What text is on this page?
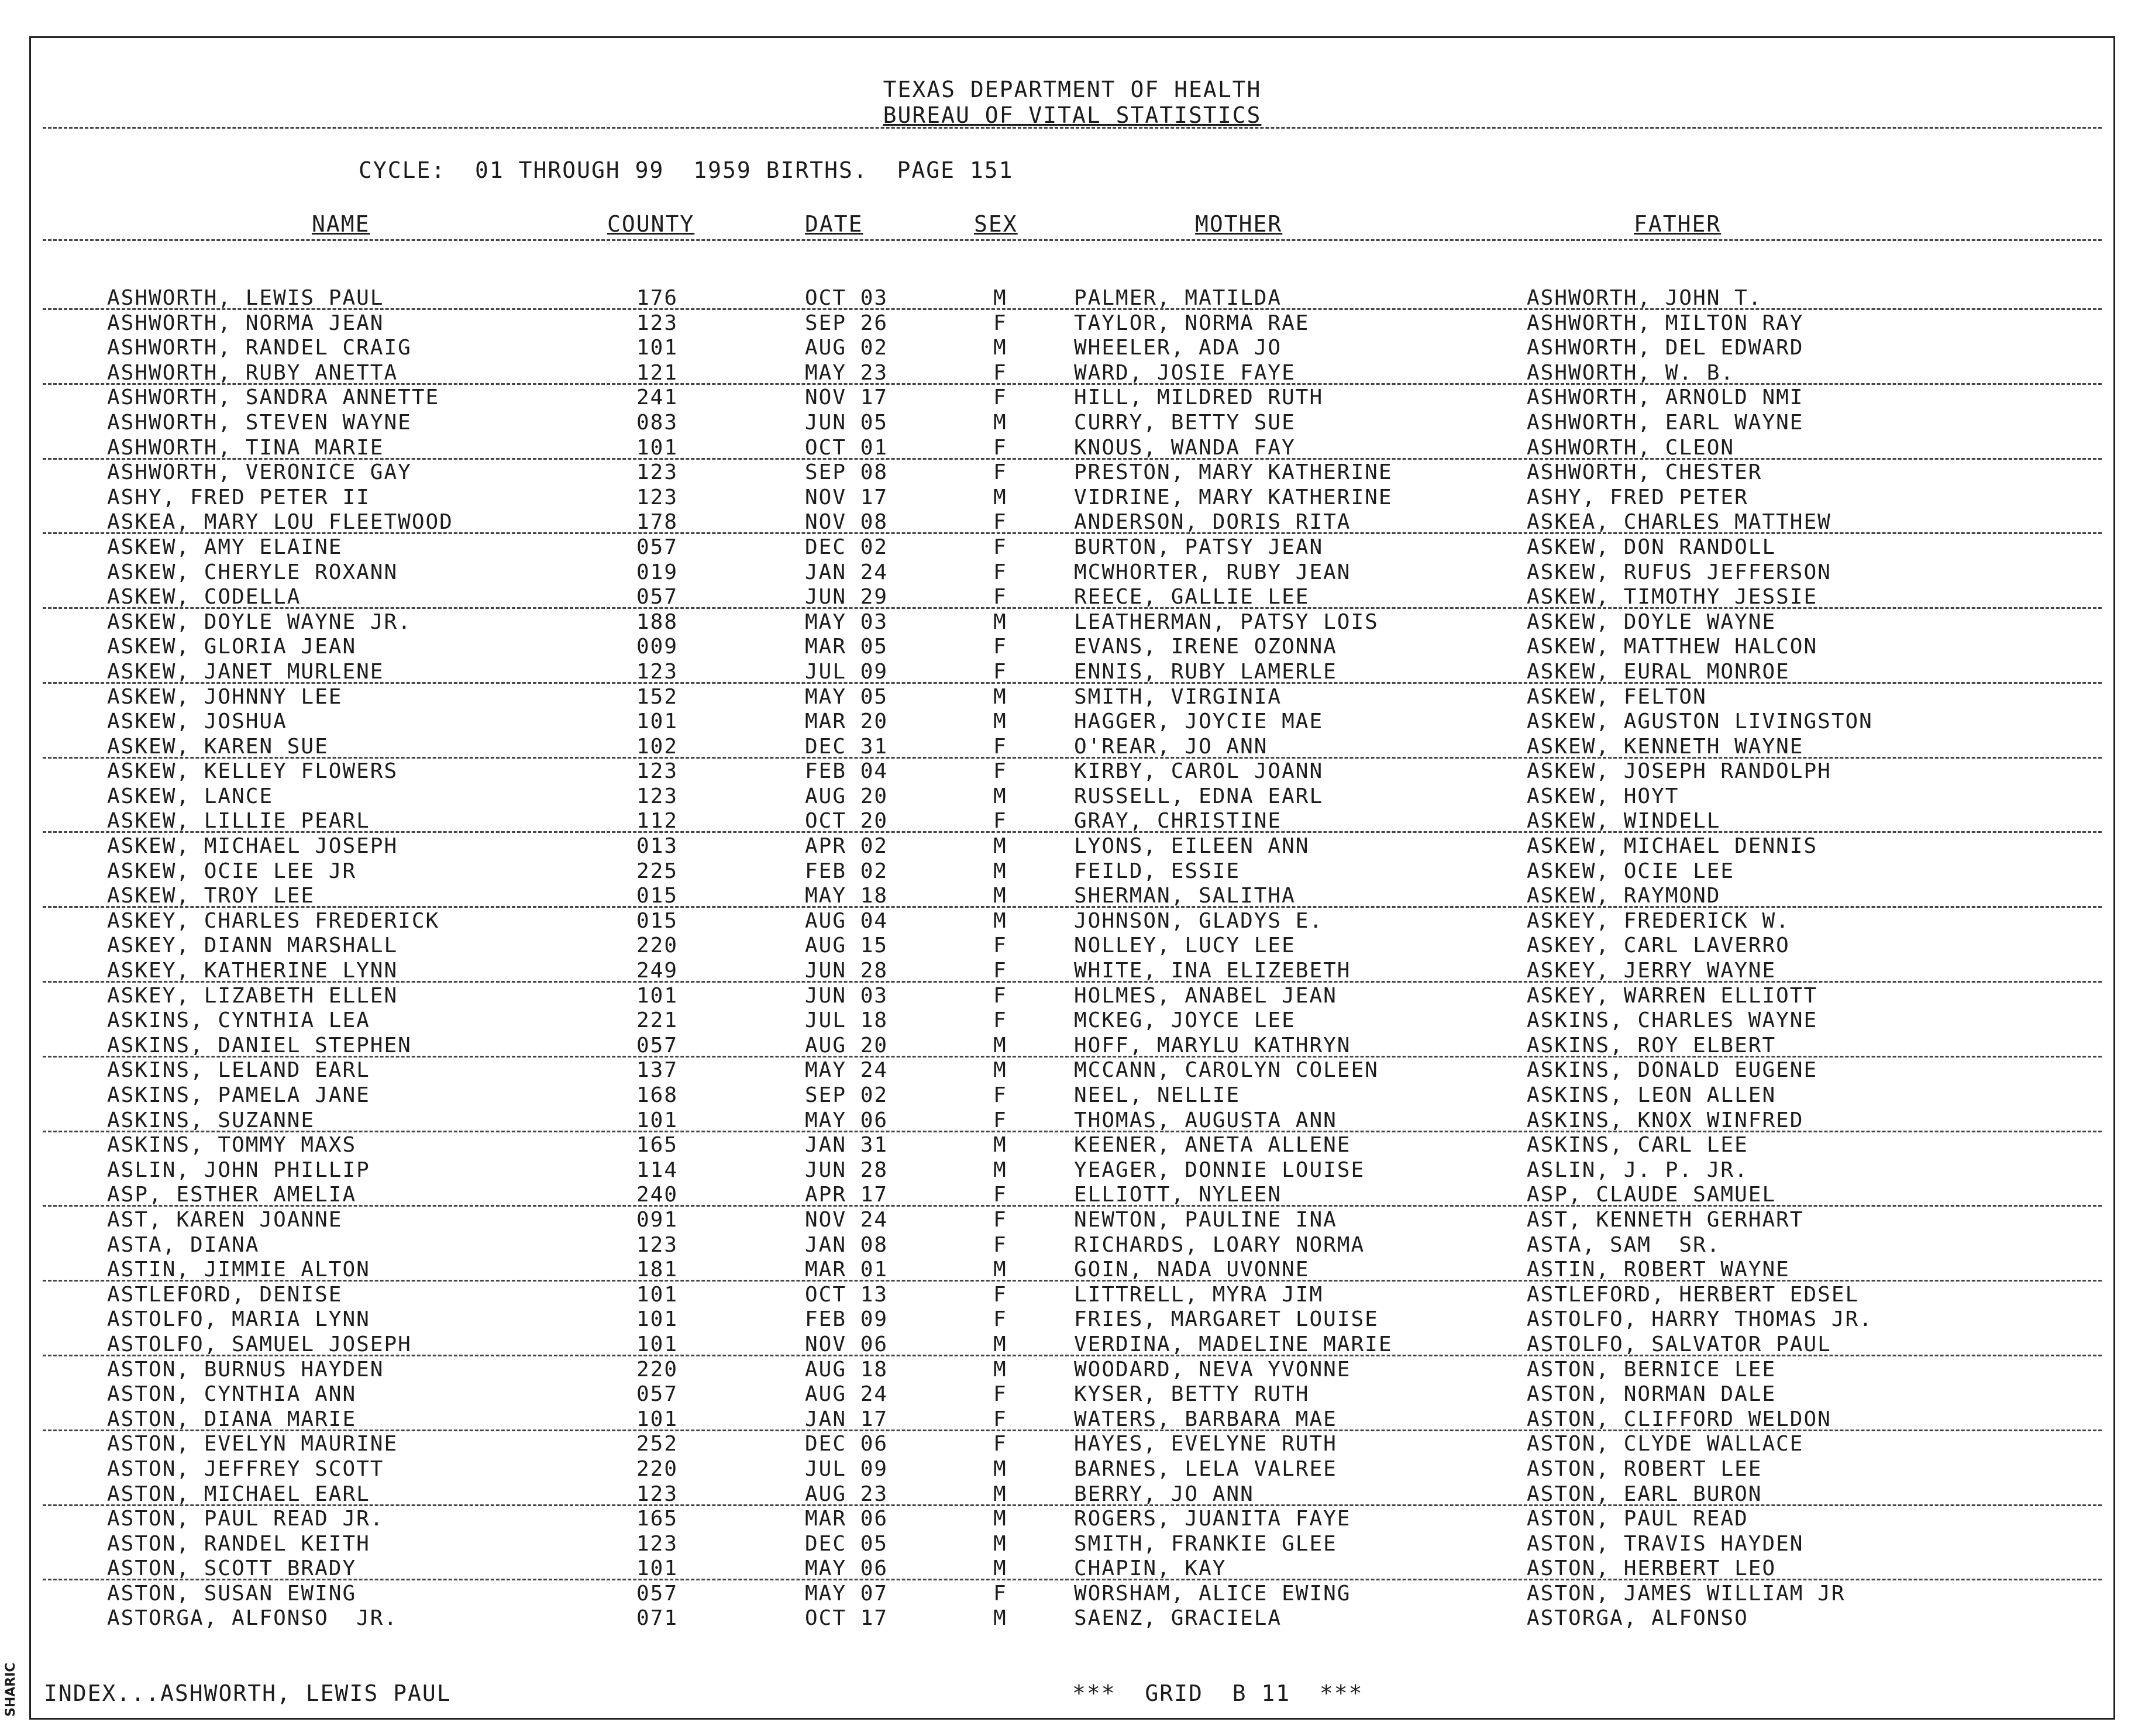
SHARIC
TEXAS DEPARTMENT OF HEALTH
BUREAU OF VITAL STATISTICS
CYCLE:  01 THROUGH 99  1959 BIRTHS.  PAGE 151
NAME	COUNTY	DATE	SEX	MOTHER	FATHER
ASHWORTH, LEWIS PAUL	176	OCT 03	M	PALMER, MATILDA	ASHWORTH, JOHN T.
ASHWORTH, NORMA JEAN	123	SEP 26	F	TAYLOR, NORMA RAE	ASHWORTH, MILTON RAY
ASHWORTH, RANDEL CRAIG	101	AUG 02	M	WHEELER, ADA JO	ASHWORTH, DEL EDWARD
ASHWORTH, RUBY ANETTA	121	MAY 23	F	WARD, JOSIE FAYE	ASHWORTH, W. B.
ASHWORTH, SANDRA ANNETTE	241	NOV 17	F	HILL, MILDRED RUTH	ASHWORTH, ARNOLD NMI
ASHWORTH, STEVEN WAYNE	083	JUN 05	M	CURRY, BETTY SUE	ASHWORTH, EARL WAYNE
ASHWORTH, TINA MARIE	101	OCT 01	F	KNOUS, WANDA FAY	ASHWORTH, CLEON
ASHWORTH, VERONICE GAY	123	SEP 08	F	PRESTON, MARY KATHERINE	ASHWORTH, CHESTER
ASHY, FRED PETER II	123	NOV 17	M	VIDRINE, MARY KATHERINE	ASHY, FRED PETER
ASKEA, MARY LOU FLEETWOOD	178	NOV 08	F	ANDERSON, DORIS RITA	ASKEA, CHARLES MATTHEW
ASKEW, AMY ELAINE	057	DEC 02	F	BURTON, PATSY JEAN	ASKEW, DON RANDOLL
ASKEW, CHERYLE ROXANN	019	JAN 24	F	MCWHORTER, RUBY JEAN	ASKEW, RUFUS JEFFERSON
ASKEW, CODELLA	057	JUN 29	F	REECE, GALLIE LEE	ASKEW, TIMOTHY JESSIE
ASKEW, DOYLE WAYNE JR.	188	MAY 03	M	LEATHERMAN, PATSY LOIS	ASKEW, DOYLE WAYNE
ASKEW, GLORIA JEAN	009	MAR 05	F	EVANS, IRENE OZONNA	ASKEW, MATTHEW HALCON
ASKEW, JANET MURLENE	123	JUL 09	F	ENNIS, RUBY LAMERLE	ASKEW, EURAL MONROE
ASKEW, JOHNNY LEE	152	MAY 05	M	SMITH, VIRGINIA	ASKEW, FELTON
ASKEW, JOSHUA	101	MAR 20	M	HAGGER, JOYCIE MAE	ASKEW, AGUSTON LIVINGSTON
ASKEW, KAREN SUE	102	DEC 31	F	O'REAR, JO ANN	ASKEW, KENNETH WAYNE
ASKEW, KELLEY FLOWERS	123	FEB 04	F	KIRBY, CAROL JOANN	ASKEW, JOSEPH RANDOLPH
ASKEW, LANCE	123	AUG 20	M	RUSSELL, EDNA EARL	ASKEW, HOYT
ASKEW, LILLIE PEARL	112	OCT 20	F	GRAY, CHRISTINE	ASKEW, WINDELL
ASKEW, MICHAEL JOSEPH	013	APR 02	M	LYONS, EILEEN ANN	ASKEW, MICHAEL DENNIS
ASKEW, OCIE LEE JR	225	FEB 02	M	FEILD, ESSIE	ASKEW, OCIE LEE
ASKEW, TROY LEE	015	MAY 18	M	SHERMAN, SALITHA	ASKEW, RAYMOND
ASKEY, CHARLES FREDERICK	015	AUG 04	M	JOHNSON, GLADYS E.	ASKEY, FREDERICK W.
ASKEY, DIANN MARSHALL	220	AUG 15	F	NOLLEY, LUCY LEE	ASKEY, CARL LAVERRO
ASKEY, KATHERINE LYNN	249	JUN 28	F	WHITE, INA ELIZEBETH	ASKEY, JERRY WAYNE
ASKEY, LIZABETH ELLEN	101	JUN 03	F	HOLMES, ANABEL JEAN	ASKEY, WARREN ELLIOTT
ASKINS, CYNTHIA LEA	221	JUL 18	F	MCKEG, JOYCE LEE	ASKINS, CHARLES WAYNE
ASKINS, DANIEL STEPHEN	057	AUG 20	M	HOFF, MARYLU KATHRYN	ASKINS, ROY ELBERT
ASKINS, LELAND EARL	137	MAY 24	M	MCCANN, CAROLYN COLEEN	ASKINS, DONALD EUGENE
ASKINS, PAMELA JANE	168	SEP 02	F	NEEL, NELLIE	ASKINS, LEON ALLEN
ASKINS, SUZANNE	101	MAY 06	F	THOMAS, AUGUSTA ANN	ASKINS, KNOX WINFRED
ASKINS, TOMMY MAXS	165	JAN 31	M	KEENER, ANETA ALLENE	ASKINS, CARL LEE
ASLIN, JOHN PHILLIP	114	JUN 28	M	YEAGER, DONNIE LOUISE	ASLIN, J. P. JR.
ASP, ESTHER AMELIA	240	APR 17	F	ELLIOTT, NYLEEN	ASP, CLAUDE SAMUEL
AST, KAREN JOANNE	091	NOV 24	F	NEWTON, PAULINE INA	AST, KENNETH GERHART
ASTA, DIANA	123	JAN 08	F	RICHARDS, LOARY NORMA	ASTA, SAM  SR.
ASTIN, JIMMIE ALTON	181	MAR 01	M	GOIN, NADA UVONNE	ASTIN, ROBERT WAYNE
ASTLEFORD, DENISE	101	OCT 13	F	LITTRELL, MYRA JIM	ASTLEFORD, HERBERT EDSEL
ASTOLFO, MARIA LYNN	101	FEB 09	F	FRIES, MARGARET LOUISE	ASTOLFO, HARRY THOMAS JR.
ASTOLFO, SAMUEL JOSEPH	101	NOV 06	M	VERDINA, MADELINE MARIE	ASTOLFO, SALVATOR PAUL
ASTON, BURNUS HAYDEN	220	AUG 18	M	WOODARD, NEVA YVONNE	ASTON, BERNICE LEE
ASTON, CYNTHIA ANN	057	AUG 24	F	KYSER, BETTY RUTH	ASTON, NORMAN DALE
ASTON, DIANA MARIE	101	JAN 17	F	WATERS, BARBARA MAE	ASTON, CLIFFORD WELDON
ASTON, EVELYN MAURINE	252	DEC 06	F	HAYES, EVELYNE RUTH	ASTON, CLYDE WALLACE
ASTON, JEFFREY SCOTT	220	JUL 09	M	BARNES, LELA VALREE	ASTON, ROBERT LEE
ASTON, MICHAEL EARL	123	AUG 23	M	BERRY, JO ANN	ASTON, EARL BURON
ASTON, PAUL READ JR.	165	MAR 06	M	ROGERS, JUANITA FAYE	ASTON, PAUL READ
ASTON, RANDEL KEITH	123	DEC 05	M	SMITH, FRANKIE GLEE	ASTON, TRAVIS HAYDEN
ASTON, SCOTT BRADY	101	MAY 06	M	CHAPIN, KAY	ASTON, HERBERT LEO
ASTON, SUSAN EWING	057	MAY 07	F	WORSHAM, ALICE EWING	ASTON, JAMES WILLIAM JR
ASTORGA, ALFONSO  JR.	071	OCT 17	M	SAENZ, GRACIELA	ASTORGA, ALFONSO
INDEX...ASHWORTH, LEWIS PAUL	***  GRID  B 11  ***
